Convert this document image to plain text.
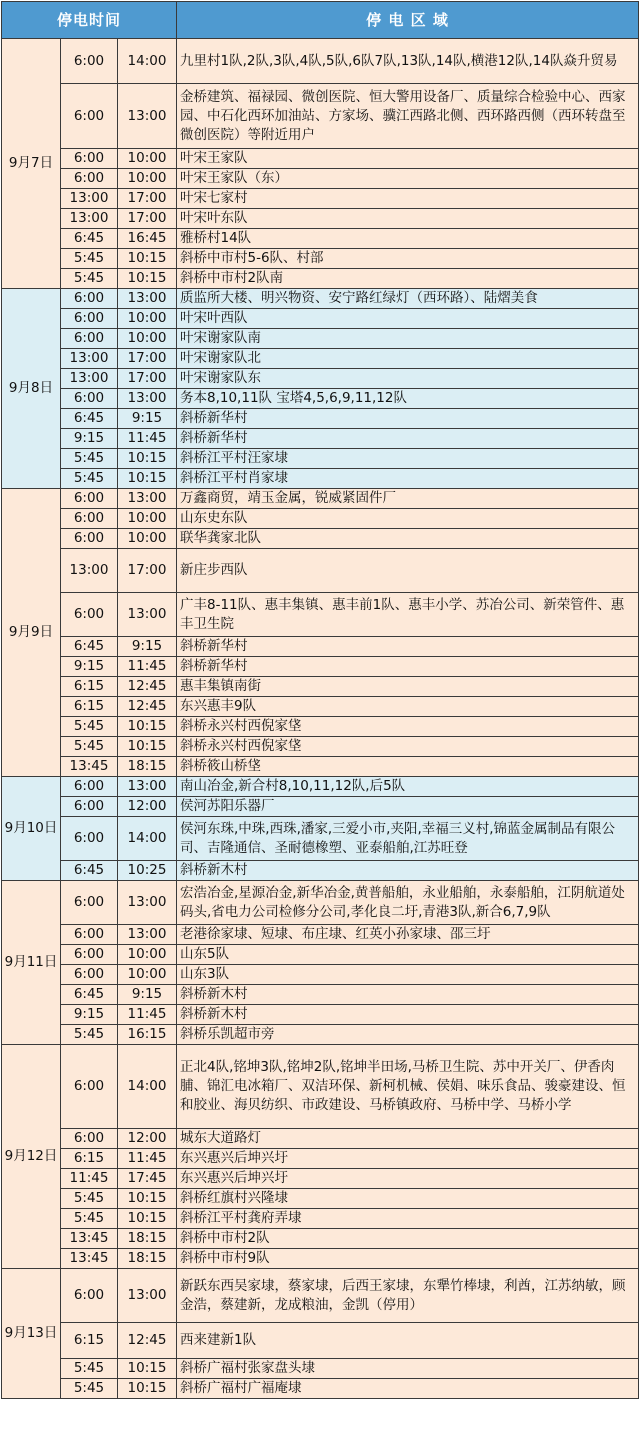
停电时间			停 电 区 域
9月7日	6:00	14:00	九里村1队,2队,3队,4队,5队,6队7队,13队,14队,横港12队,14队焱升贸易
	6:00	13:00	金桥建筑、福禄园、微创医院、恒大警用设备厂、质量综合检验中心、西家园、中石化西环加油站、方家场、骥江西路北侧、西环路西侧（西环转盘至微创医院）等附近用户
	6:00	10:00	叶宋王家队
	6:00	10:00	叶宋王家队（东）
	13:00	17:00	叶宋七家村
	13:00	17:00	叶宋叶东队
	6:45	16:45	雅桥村14队
	5:45	10:15	斜桥中市村5-6队、村部
	5:45	10:15	斜桥中市村2队南
9月8日	6:00	13:00	质监所大楼、明兴物资、安宁路红绿灯（西环路）、陆熠美食
	6:00	10:00	叶宋叶西队
	6:00	10:00	叶宋谢家队南
	13:00	17:00	叶宋谢家队北
	13:00	17:00	叶宋谢家队东
	6:00	13:00	务本8,10,11队 宝塔4,5,6,9,11,12队
	6:45	9:15	斜桥新华村
	9:15	11:45	斜桥新华村
	5:45	10:15	斜桥江平村汪家埭
	5:45	10:15	斜桥江平村肖家埭
9月9日	6:00	13:00	万鑫商贸，靖玉金属，锐威紧固件厂
	6:00	10:00	山东史东队
	6:00	10:00	联华龚家北队
	13:00	17:00	新庄步西队
	6:00	13:00	广丰8-11队、惠丰集镇、惠丰前1队、惠丰小学、苏冶公司、新荣管件、惠丰卫生院
	6:45	9:15	斜桥新华村
	9:15	11:45	斜桥新华村
	6:15	12:45	惠丰集镇南街
	6:15	12:45	东兴惠丰9队
	5:45	10:15	斜桥永兴村西倪家垡
	5:45	10:15	斜桥永兴村西倪家垡
	13:45	18:15	斜桥筱山桥垡
9月10日	6:00	13:00	南山冶金,新合村8,10,11,12队,后5队
	6:00	12:00	侯河苏阳乐器厂
	6:00	14:00	侯河东珠,中珠,西珠,潘家,三爱小市,夹阳,幸福三义村,锦蓝金属制品有限公司、吉隆通信、圣耐德橡塑、亚泰船舶,江苏旺登
	6:45	10:25	斜桥新木村
9月11日	6:00	13:00	宏浩冶金,星源冶金,新华冶金,黄普船舶，永业船舶，永泰船舶，江阴航道处码头,省电力公司检修分公司,孝化良二圩,青港3队,新合6,7,9队
	6:00	13:00	老港徐家埭、短埭、布庄埭、红英小孙家埭、邵三圩
	6:00	10:00	山东5队
	6:00	10:00	山东3队
	6:45	9:15	斜桥新木村
	9:15	11:45	斜桥新木村
	5:45	16:15	斜桥乐凯超市旁
9月12日	6:00	14:00	正北4队,铭坤3队,铭坤2队,铭坤半田场,马桥卫生院、苏中开关厂、伊香肉脯、锦汇电冰箱厂、双洁环保、新柯机械、侯娟、味乐食品、骏豪建设、恒和胶业、海贝纺织、市政建设、马桥镇政府、马桥中学、马桥小学
	6:00	12:00	城东大道路灯
	6:15	11:45	东兴惠兴后坤兴圩
	11:45	17:45	东兴惠兴后坤兴圩
	5:45	10:15	斜桥红旗村兴隆埭
	5:45	10:15	斜桥江平村龚府弄埭
	13:45	18:15	斜桥中市村2队
	13:45	18:15	斜桥中市村9队
9月13日	6:00	13:00	新跃东西吴家埭，蔡家埭，后西王家埭，东犟竹棒埭，利酋，江苏纳敏，顾金浩，蔡建新，龙成粮油，金凯（停用）
	6:15	12:45	西来建新1队
	5:45	10:15	斜桥广福村张家盘头埭
	5:45	10:15	斜桥广福村广福庵埭
